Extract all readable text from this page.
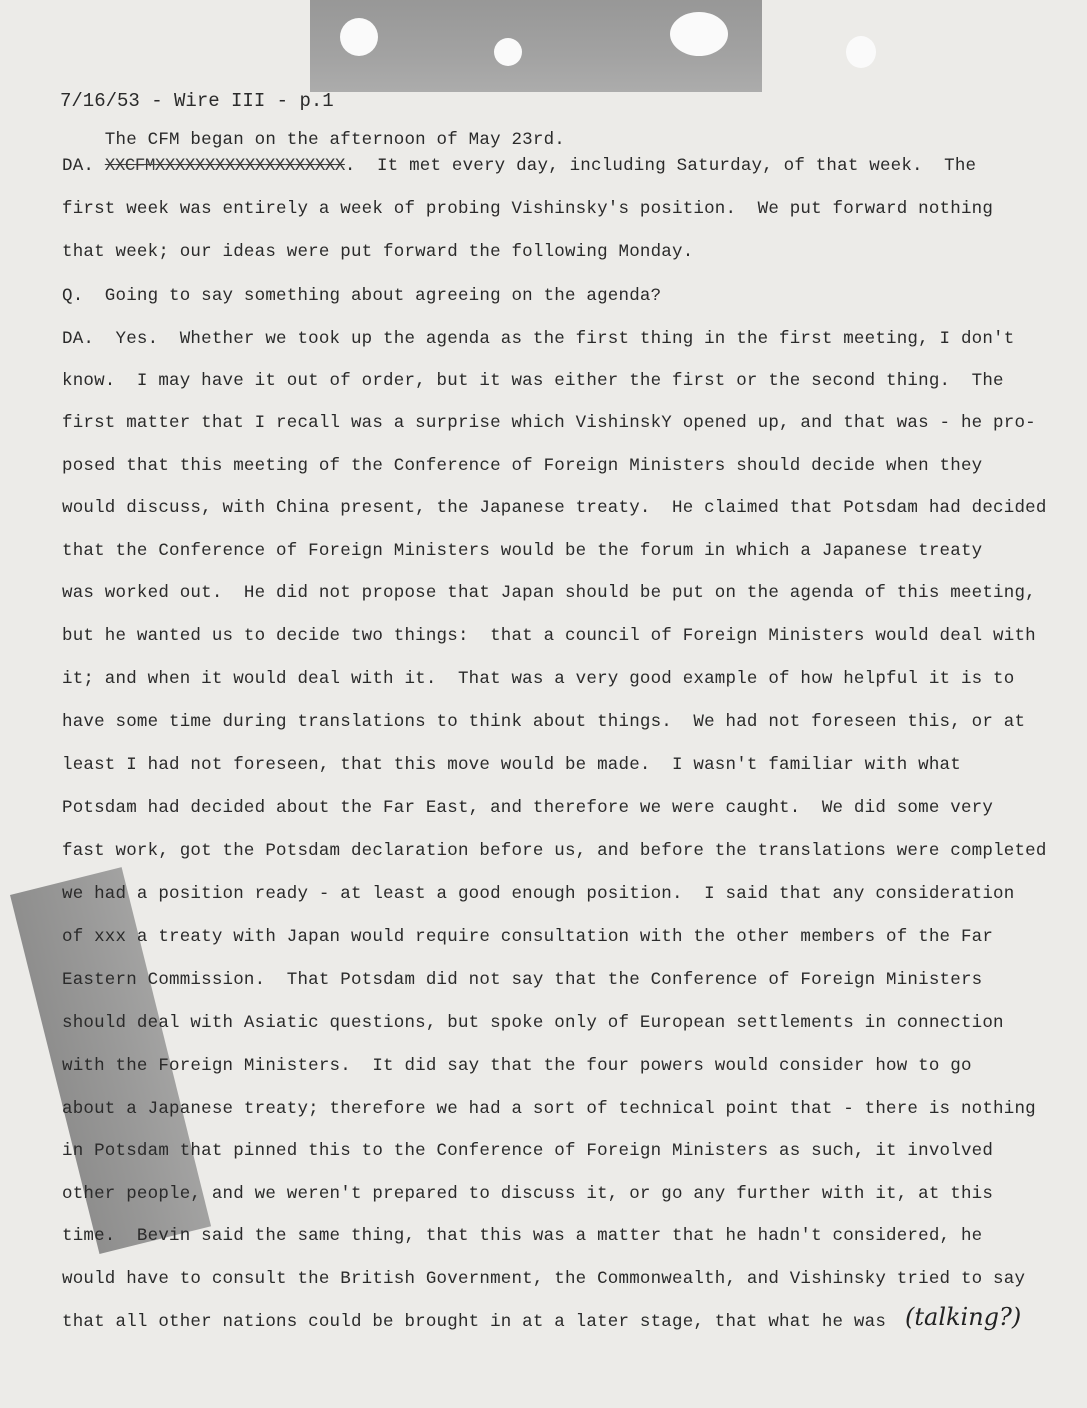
7/16/53 - Wire III - p.1
The CFM began on the afternoon of May 23rd.
DA. XXCFMXXXXXXXXXXXXXXXXXXX.  It met every day, including Saturday, of that week.  The
first week was entirely a week of probing Vishinsky's position.  We put forward nothing
that week; our ideas were put forward the following Monday.
Q.  Going to say something about agreeing on the agenda?
DA.  Yes.  Whether we took up the agenda as the first thing in the first meeting, I don't
know.  I may have it out of order, but it was either the first or the second thing.  The
first matter that I recall was a surprise which VishinskY opened up, and that was - he pro-
posed that this meeting of the Conference of Foreign Ministers should decide when they
would discuss, with China present, the Japanese treaty.  He claimed that Potsdam had decided
that the Conference of Foreign Ministers would be the forum in which a Japanese treaty
was worked out.  He did not propose that Japan should be put on the agenda of this meeting,
but he wanted us to decide two things:  that a council of Foreign Ministers would deal with
it; and when it would deal with it.  That was a very good example of how helpful it is to
have some time during translations to think about things.  We had not foreseen this, or at
least I had not foreseen, that this move would be made.  I wasn't familiar with what
Potsdam had decided about the Far East, and therefore we were caught.  We did some very
fast work, got the Potsdam declaration before us, and before the translations were completed
we had a position ready - at least a good enough position.  I said that any consideration
of xxx a treaty with Japan would require consultation with the other members of the Far
Eastern Commission.  That Potsdam did not say that the Conference of Foreign Ministers
should deal with Asiatic questions, but spoke only of European settlements in connection
with the Foreign Ministers.  It did say that the four powers would consider how to go
about a Japanese treaty; therefore we had a sort of technical point that - there is nothing
in Potsdam that pinned this to the Conference of Foreign Ministers as such, it involved
other people, and we weren't prepared to discuss it, or go any further with it, at this
time.  Bevin said the same thing, that this was a matter that he hadn't considered, he
would have to consult the British Government, the Commonwealth, and Vishinsky tried to say
that all other nations could be brought in at a later stage, that what he was (talking?)
